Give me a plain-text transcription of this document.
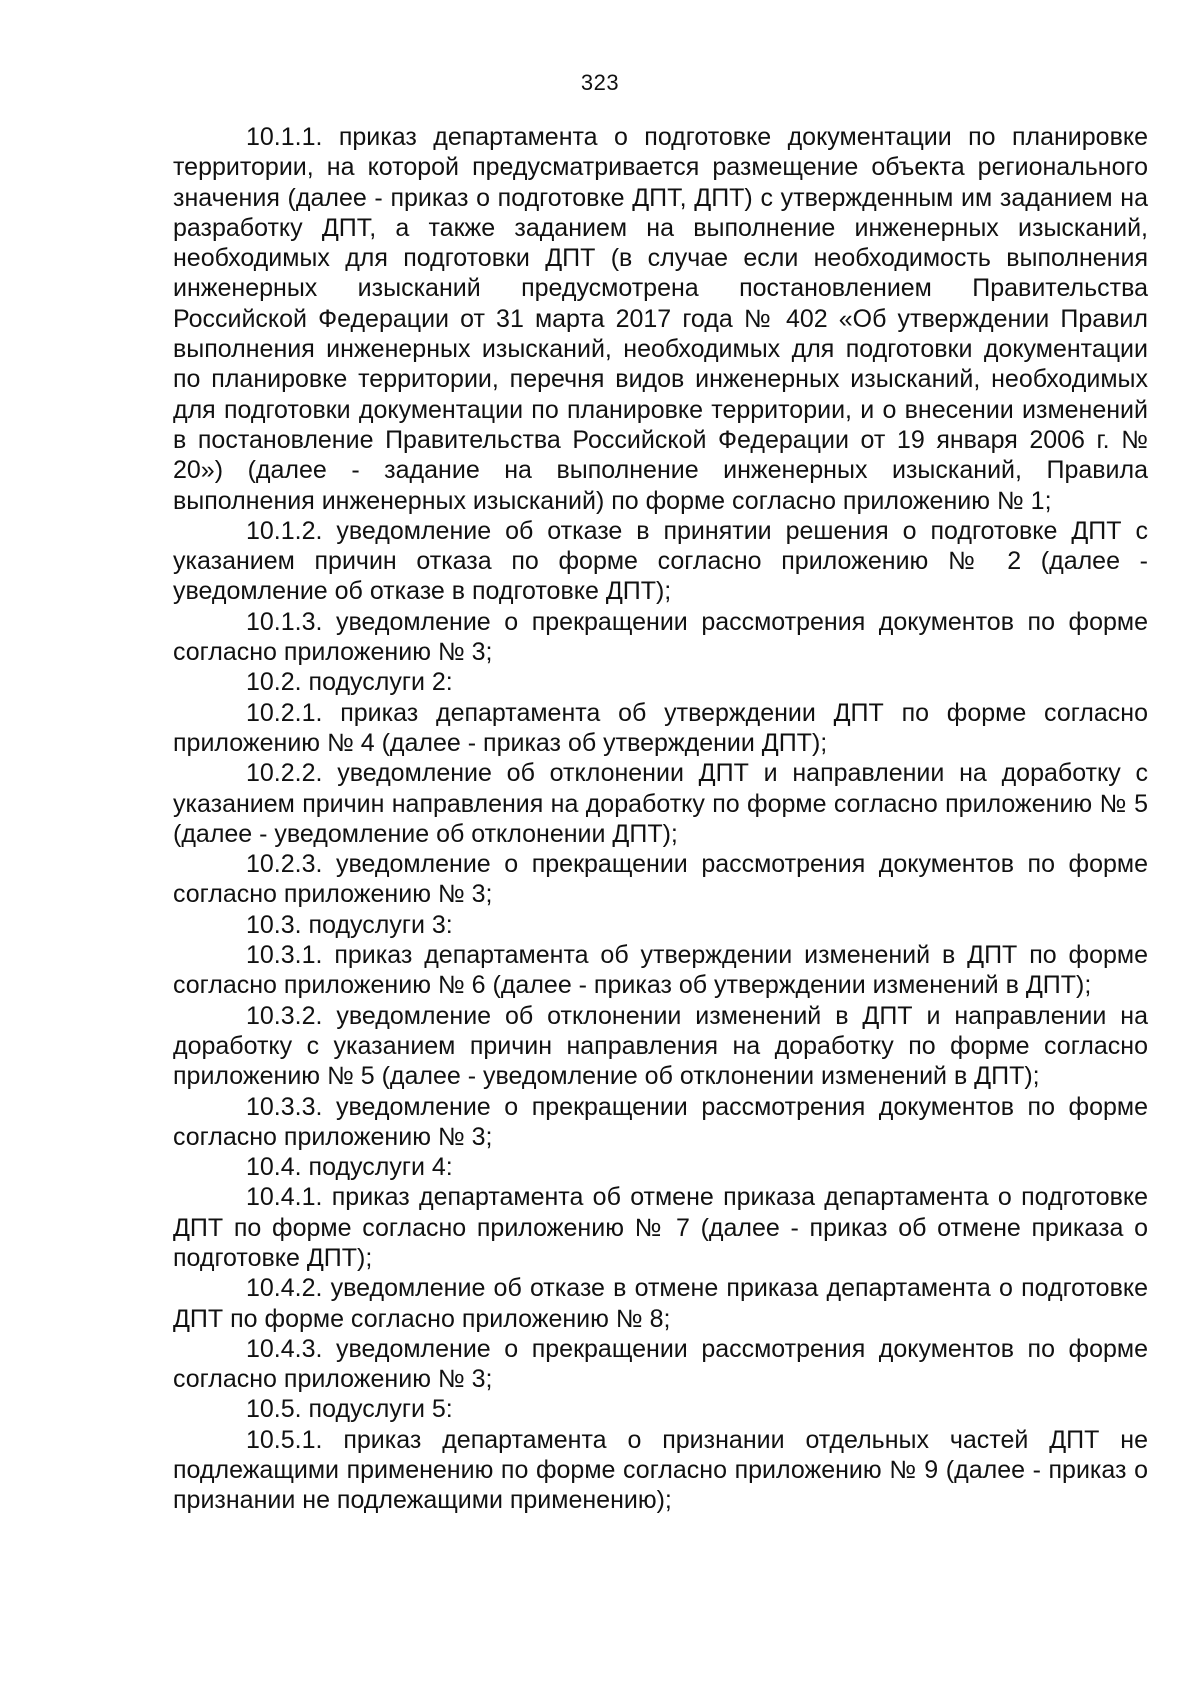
323

10.1.1. приказ департамента о подготовке документации по планировке территории, на которой предусматривается размещение объекта регионального значения (далее - приказ о подготовке ДПТ, ДПТ) с утвержденным им заданием на разработку ДПТ, а также заданием на выполнение инженерных изысканий, необходимых для подготовки ДПТ (в случае если необходимость выполнения инженерных изысканий предусмотрена постановлением Правительства Российской Федерации от 31 марта 2017 года № 402 «Об утверждении Правил выполнения инженерных изысканий, необходимых для подготовки документации по планировке территории, перечня видов инженерных изысканий, необходимых для подготовки документации по планировке территории, и о внесении изменений в постановление Правительства Российской Федерации от 19 января 2006 г. № 20») (далее - задание на выполнение инженерных изысканий, Правила выполнения инженерных изысканий) по форме согласно приложению № 1;

10.1.2. уведомление об отказе в принятии решения о подготовке ДПТ с указанием причин отказа по форме согласно приложению № 2 (далее - уведомление об отказе в подготовке ДПТ);

10.1.3. уведомление о прекращении рассмотрения документов по форме согласно приложению № 3;

10.2. подуслуги 2:

10.2.1. приказ департамента об утверждении ДПТ по форме согласно приложению № 4 (далее - приказ об утверждении ДПТ);

10.2.2. уведомление об отклонении ДПТ и направлении на доработку с указанием причин направления на доработку по форме согласно приложению № 5 (далее - уведомление об отклонении ДПТ);

10.2.3. уведомление о прекращении рассмотрения документов по форме согласно приложению № 3;

10.3. подуслуги 3:

10.3.1. приказ департамента об утверждении изменений в ДПТ по форме согласно приложению № 6 (далее - приказ об утверждении изменений в ДПТ);

10.3.2. уведомление об отклонении изменений в ДПТ и направлении на доработку с указанием причин направления на доработку по форме согласно приложению № 5 (далее - уведомление об отклонении изменений в ДПТ);

10.3.3. уведомление о прекращении рассмотрения документов по форме согласно приложению № 3;

10.4. подуслуги 4:

10.4.1. приказ департамента об отмене приказа департамента о подготовке ДПТ по форме согласно приложению № 7 (далее - приказ об отмене приказа о подготовке ДПТ);

10.4.2. уведомление об отказе в отмене приказа департамента о подготовке ДПТ по форме согласно приложению № 8;

10.4.3. уведомление о прекращении рассмотрения документов по форме согласно приложению № 3;

10.5. подуслуги 5:

10.5.1. приказ департамента о признании отдельных частей ДПТ не подлежащими применению по форме согласно приложению № 9 (далее - приказ о признании не подлежащими применению);
